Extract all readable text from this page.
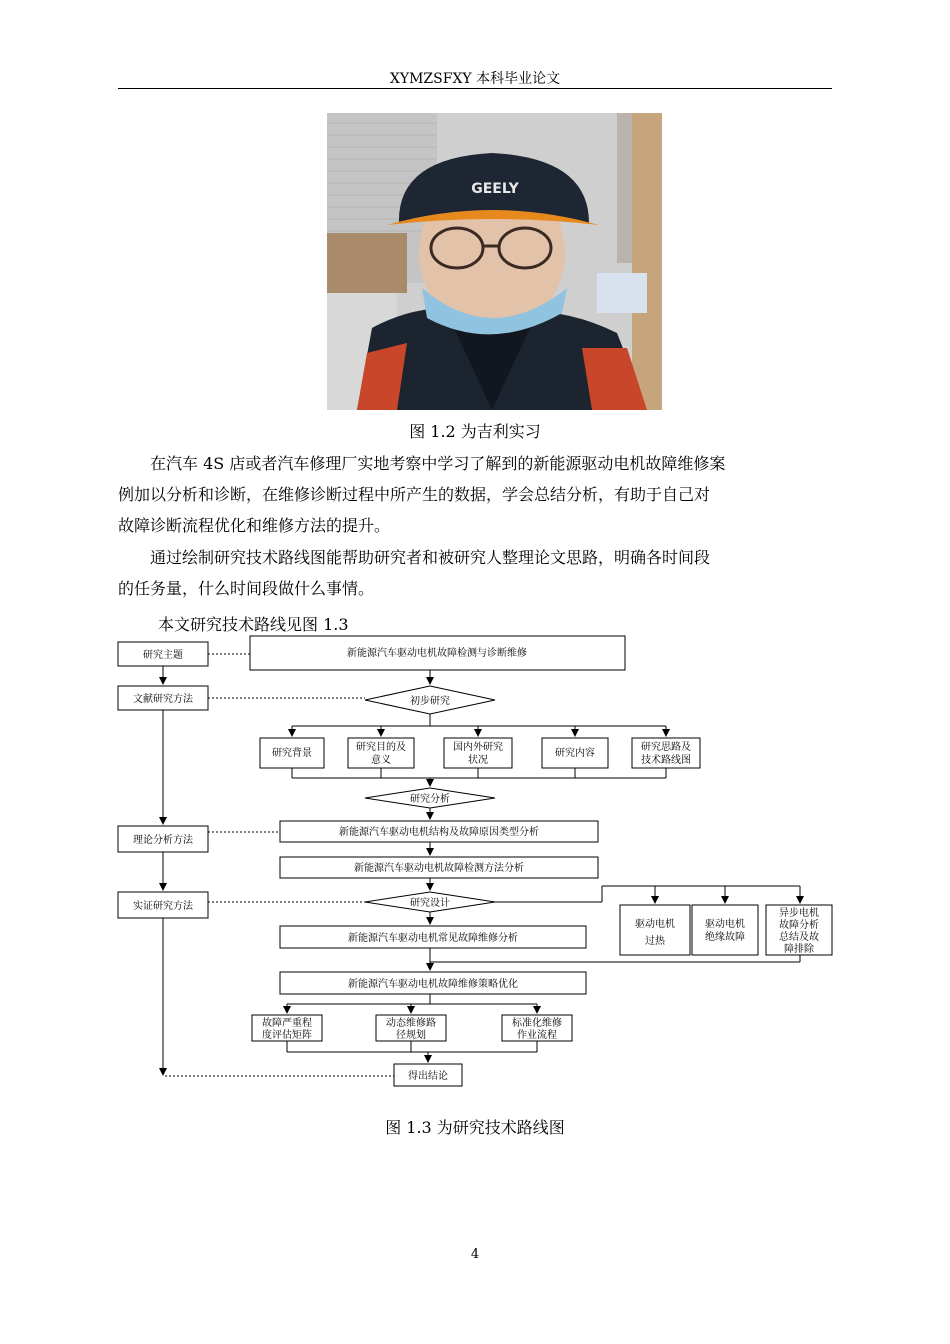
XYMZSFXY 本科毕业论文
GEELY
图 1.2 为吉利实习
在汽车 4S 店或者汽车修理厂实地考察中学习了解到的新能源驱动电机故障维修案
例加以分析和诊断，在维修诊断过程中所产生的数据，学会总结分析，有助于自己对
故障诊断流程优化和维修方法的提升。
通过绘制研究技术路线图能帮助研究者和被研究人整理论文思路，明确各时间段
的任务量，什么时间段做什么事情。
本文研究技术路线见图 1.3
研究主题
文献研究方法
理论分析方法
实证研究方法
新能源汽车驱动电机故障检测与诊断维修
初步研究
研究背景
研究目的及
意义
国内外研究
状况
研究内容
研究思路及
技术路线图
研究分析
新能源汽车驱动电机结构及故障原因类型分析
新能源汽车驱动电机故障检测方法分析
研究设计
新能源汽车驱动电机常见故障维修分析
驱动电机
过热
驱动电机
绝缘故障
异步电机
故障分析
总结及故
障排除
新能源汽车驱动电机故障维修策略优化
故障严重程
度评估矩阵
动态维修路
径规划
标准化维修
作业流程
得出结论
图 1.3 为研究技术路线图
4
